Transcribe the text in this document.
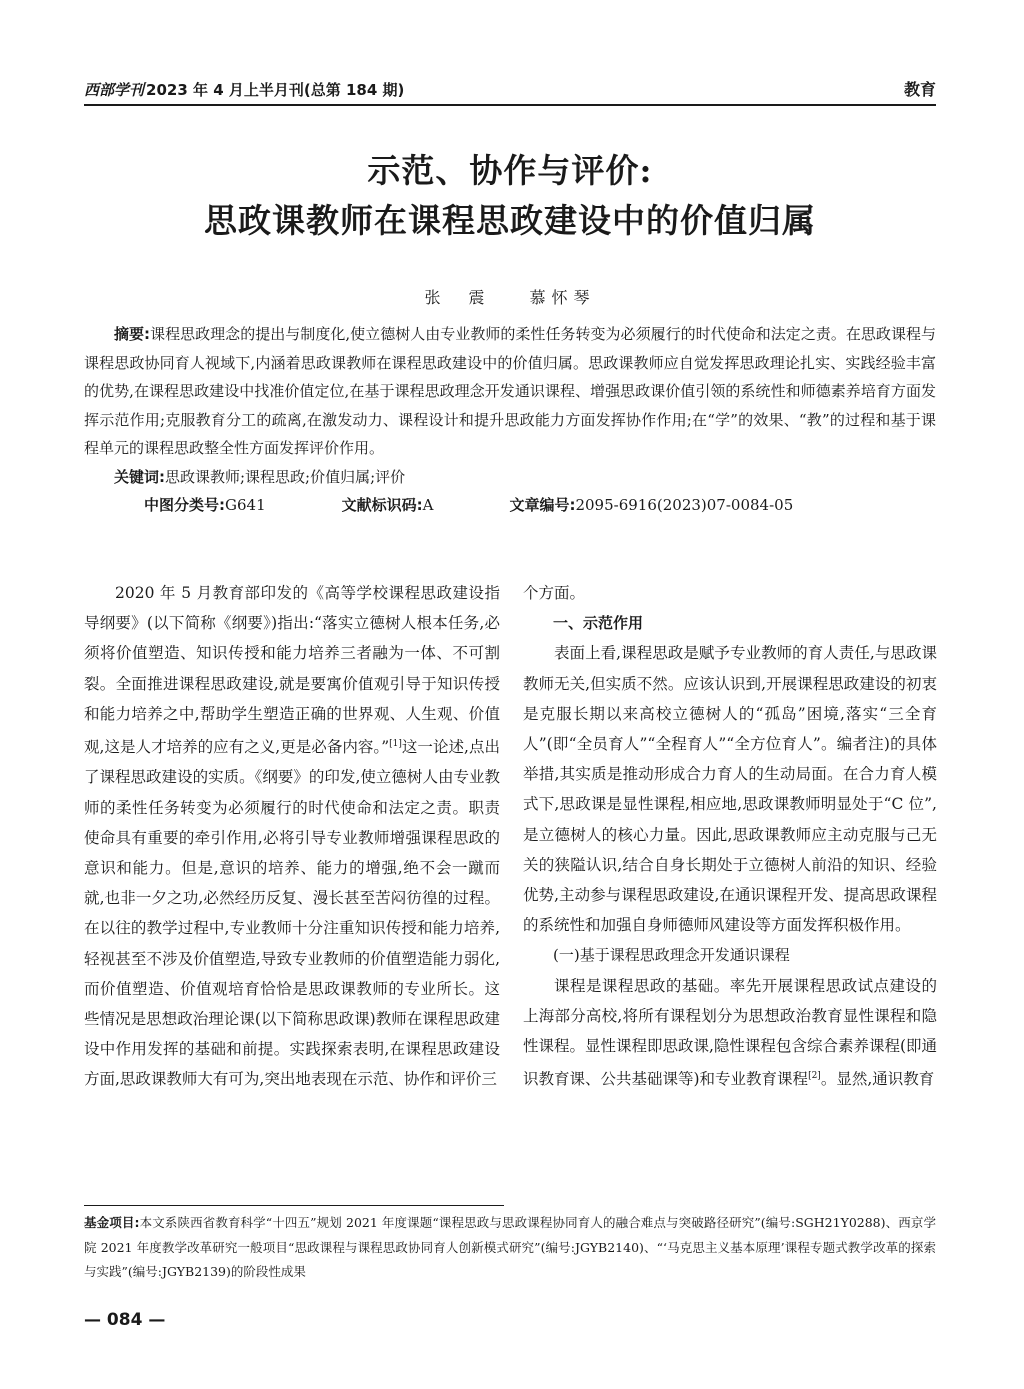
西部学刊 2023 年 4 月上半月刊(总第 184 期)	教育
示范、协作与评价:
思政课教师在课程思政建设中的价值归属
张　震 慕怀琴

摘要:课程思政理念的提出与制度化,使立德树人由专业教师的柔性任务转变为必须履行的时代使命和法定之责。在思政课程与课程思政协同育人视域下,内涵着思政课教师在课程思政建设中的价值归属。思政课教师应自觉发挥思政理论扎实、实践经验丰富的优势,在课程思政建设中找准价值定位,在基于课程思政理念开发通识课程、增强思政课价值引领的系统性和师德素养培育方面发挥示范作用;克服教育分工的疏离,在激发动力、课程设计和提升思政能力方面发挥协作作用;在“学”的效果、“教”的过程和基于课程单元的课程思政整全性方面发挥评价作用。

关键词:思政课教师;课程思政;价值归属;评价

中图分类号:G641	文献标识码:A	文章编号:2095-6916(2023)07-0084-05

2020 年 5 月教育部印发的《高等学校课程思政建设指导纲要》(以下简称《纲要》)指出:“落实立德树人根本任务,必须将价值塑造、知识传授和能力培养三者融为一体、不可割裂。全面推进课程思政建设,就是要寓价值观引导于知识传授和能力培养之中,帮助学生塑造正确的世界观、人生观、价值观,这是人才培养的应有之义,更是必备内容。”[1]这一论述,点出了课程思政建设的实质。《纲要》的印发,使立德树人由专业教师的柔性任务转变为必须履行的时代使命和法定之责。职责使命具有重要的牵引作用,必将引导专业教师增强课程思政的意识和能力。但是,意识的培养、能力的增强,绝不会一蹴而就,也非一夕之功,必然经历反复、漫长甚至苦闷彷徨的过程。在以往的教学过程中,专业教师十分注重知识传授和能力培养,轻视甚至不涉及价值塑造,导致专业教师的价值塑造能力弱化,而价值塑造、价值观培育恰恰是思政课教师的专业所长。这些情况是思想政治理论课(以下简称思政课)教师在课程思政建设中作用发挥的基础和前提。实践探索表明,在课程思政建设方面,思政课教师大有可为,突出地表现在示范、协作和评价三

个方面。

一、示范作用

表面上看,课程思政是赋予专业教师的育人责任,与思政课教师无关,但实质不然。应该认识到,开展课程思政建设的初衷是克服长期以来高校立德树人的“孤岛”困境,落实“三全育人”(即“全员育人”“全程育人”“全方位育人”。编者注)的具体举措,其实质是推动形成合力育人的生动局面。在合力育人模式下,思政课是显性课程,相应地,思政课教师明显处于“C 位”,是立德树人的核心力量。因此,思政课教师应主动克服与己无关的狭隘认识,结合自身长期处于立德树人前沿的知识、经验优势,主动参与课程思政建设,在通识课程开发、提高思政课程的系统性和加强自身师德师风建设等方面发挥积极作用。

(一)基于课程思政理念开发通识课程

课程是课程思政的基础。率先开展课程思政试点建设的上海部分高校,将所有课程划分为思想政治教育显性课程和隐性课程。显性课程即思政课,隐性课程包含综合素养课程(即通识教育课、公共基础课等)和专业教育课程[2]。显然,通识教育

基金项目:本文系陕西省教育科学“十四五”规划 2021 年度课题“课程思政与思政课程协同育人的融合难点与突破路径研究”(编号:SGH21Y0288)、西京学院 2021 年度教学改革研究一般项目“思政课程与课程思政协同育人创新模式研究”(编号:JGYB2140)、“‘马克思主义基本原理’课程专题式教学改革的探索与实践”(编号:JGYB2139)的阶段性成果

— 084 —
